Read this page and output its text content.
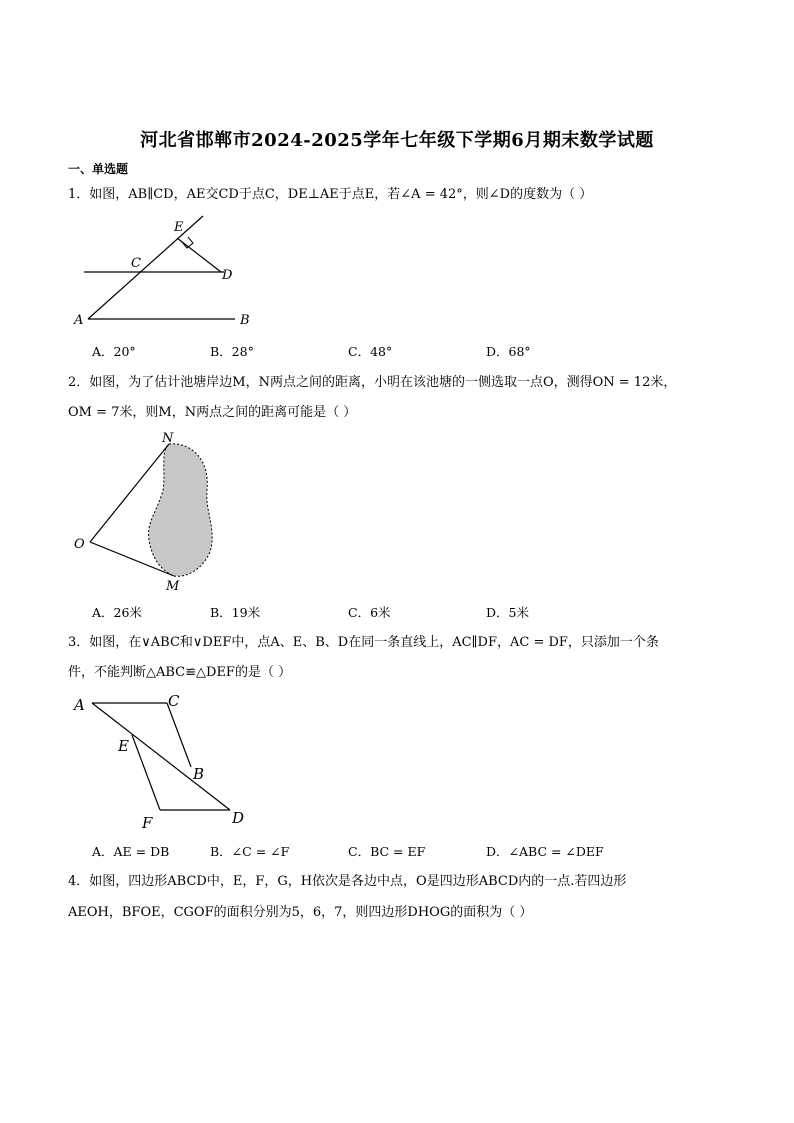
河北省邯郸市2024-2025学年七年级下学期6月期末数学试题
一、单选题
1．如图，AB∥CD，AE交CD于点C，DE⊥AE于点E，若∠A = 42°，则∠D的度数为（ ）
E
C
D
A	B
A．20°	B．28°	C．48°	D．68°
2．如图，为了估计池塘岸边M，N两点之间的距离，小明在该池塘的一侧选取一点O，测得ON = 12米，
OM = 7米，则M，N两点之间的距离可能是（ ）
N
O
M
A．26米	B．19米	C．6米	D．5米
3．如图，在∨ABC和∨DEF中，点A、E、B、D在同一条直线上，AC∥DF，AC = DF，只添加一个条
件，不能判断△ABC≌△DEF的是（ ）
A	C
E
B
F	D
A．AE = DB	B．∠C = ∠F	C．BC = EF	D．∠ABC = ∠DEF
4．如图，四边形ABCD中，E，F，G，H依次是各边中点，O是四边形ABCD内的一点.若四边形
AEOH，BFOE，CGOF的面积分别为5，6，7，则四边形DHOG的面积为（ ）
